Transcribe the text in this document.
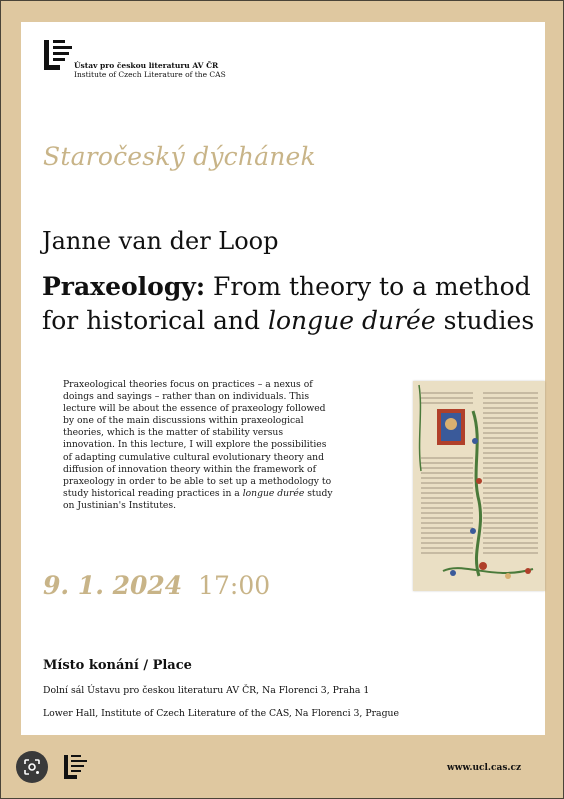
Ústav pro českou literaturu AV ČR
Institute of Czech Literature of the CAS
Staročeský dýchánek
Janne van der Loop
Praxeology: From theory to a method
for historical and longue durée studies
Praxeological theories focus on practices – a nexus of doings and sayings – rather than on individuals. This lecture will be about the essence of praxeology followed by one of the main discussions within praxeological theories, which is the matter of stability versus innovation. In this lecture, I will explore the possibilities of adapting cumulative cultural evolutionary theory and diffusion of innovation theory within the framework of praxeology in order to be able to set up a methodology to study historical reading practices in a longue durée study on Justinian's Institutes.
9. 1. 2024 17:00
Místo konání / Place
Dolní sál Ústavu pro českou literaturu AV ČR, Na Florenci 3, Praha 1
Lower Hall, Institute of Czech Literature of the CAS, Na Florenci 3, Prague
www.ucl.cas.cz
